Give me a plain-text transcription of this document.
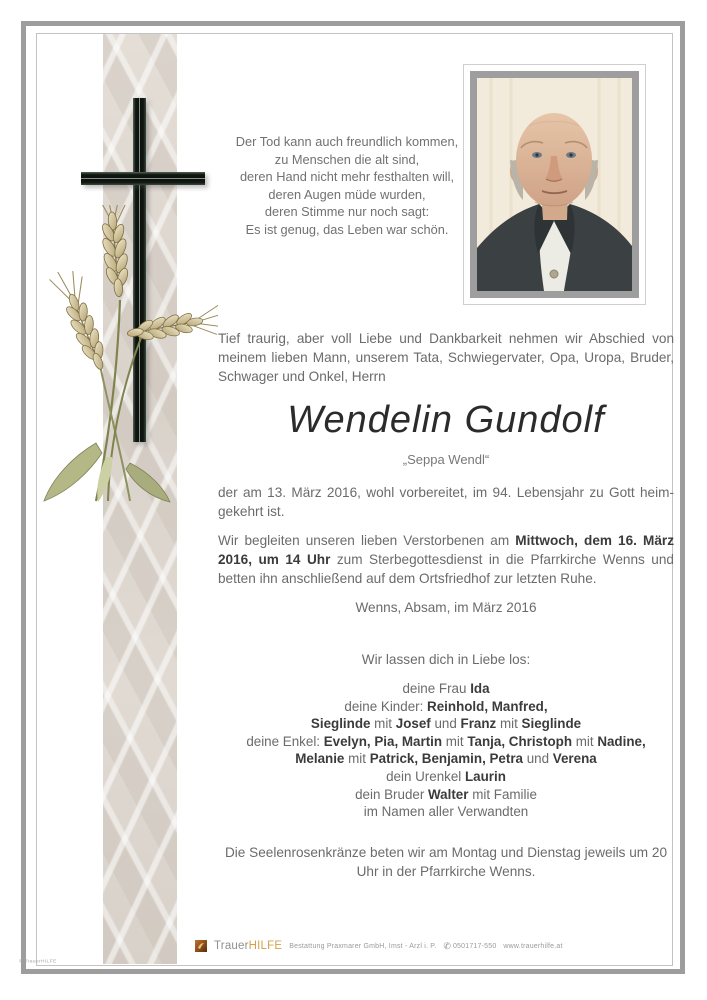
Der Tod kann auch freundlich kommen,
zu Menschen die alt sind,
deren Hand nicht mehr festhalten will,
deren Augen müde wurden,
deren Stimme nur noch sagt:
Es ist genug, das Leben war schön.
Tief traurig, aber voll Liebe und Dankbarkeit nehmen wir Abschied von meinem lieben Mann, unserem Tata, Schwiegervater, Opa, Uropa, Bruder, Schwager und Onkel, Herrn
Wendelin Gundolf
„Seppa Wendl“
der am 13. März 2016, wohl vorbereitet, im 94. Lebensjahr zu Gott heimgekehrt ist.
Wir begleiten unseren lieben Verstorbenen am Mittwoch, dem 16. März 2016, um 14 Uhr zum Sterbegottesdienst in die Pfarrkirche Wenns und betten ihn anschließend auf dem Ortsfriedhof zur letzten Ruhe.
Wenns, Absam, im März 2016
Wir lassen dich in Liebe los:
deine Frau Ida
deine Kinder: Reinhold, Manfred,
Sieglinde mit Josef und Franz mit Sieglinde
deine Enkel: Evelyn, Pia, Martin mit Tanja, Christoph mit Nadine,
Melanie mit Patrick, Benjamin, Petra und Verena
dein Urenkel Laurin
dein Bruder Walter mit Familie
im Namen aller Verwandten
Die Seelenrosenkränze beten wir am Montag und Dienstag jeweils um 20 Uhr in der Pfarrkirche Wenns.
TrauerHILFE Bestattung Praxmarer GmbH, Imst - Arzl i. P. ✆ 0501717-550 www.trauerhilfe.at
© TrauerHILFE
